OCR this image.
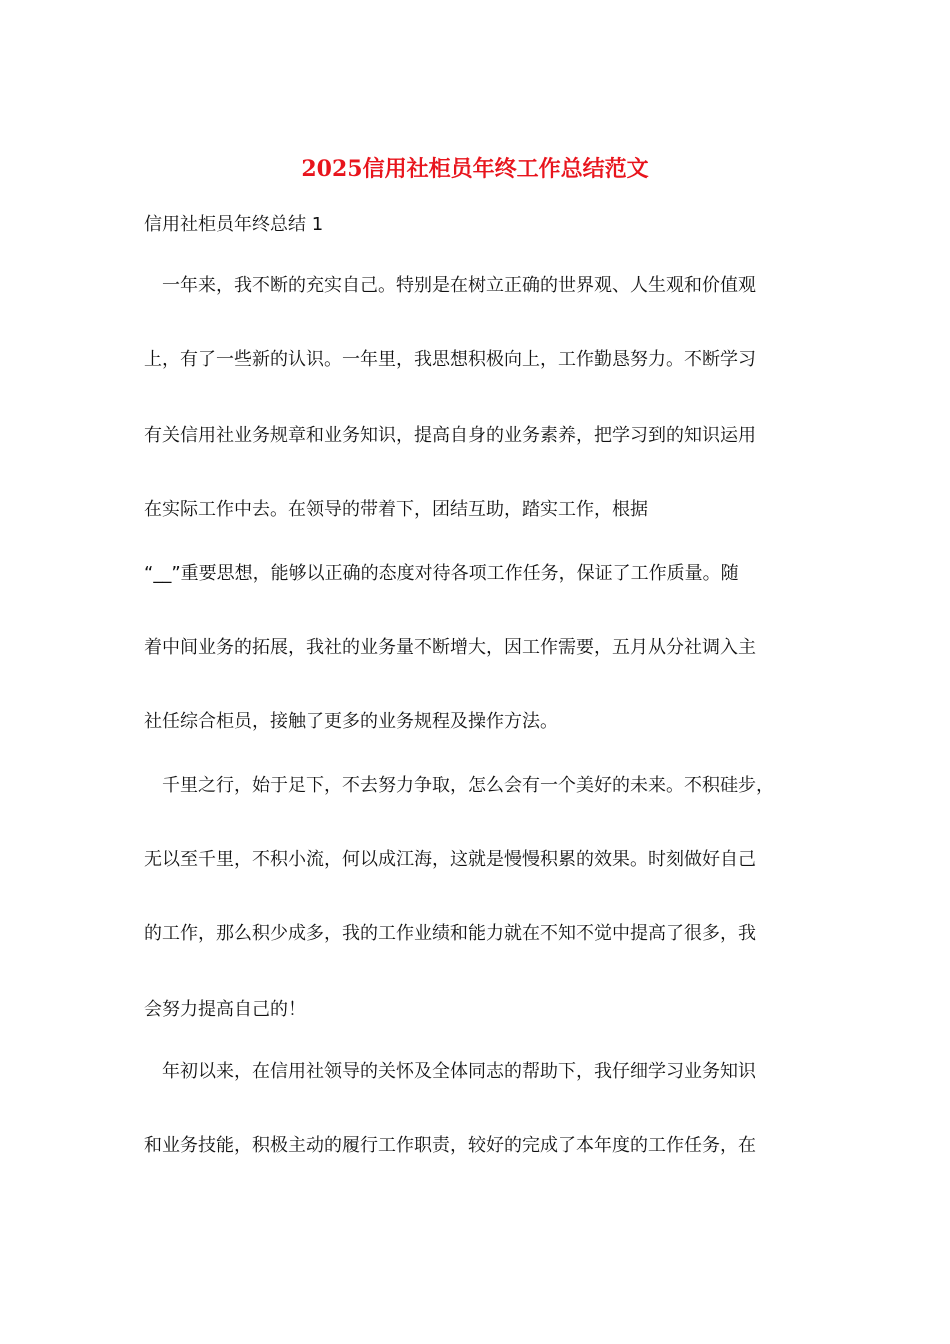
2025信用社柜员年终工作总结范文
信用社柜员年终总结 1
一年来，我不断的充实自己。特别是在树立正确的世界观、人生观和价值观
上，有了一些新的认识。一年里，我思想积极向上，工作勤恳努力。不断学习
有关信用社业务规章和业务知识，提高自身的业务素养，把学习到的知识运用
在实际工作中去。在领导的带着下，团结互助，踏实工作，根据
“__”重要思想，能够以正确的态度对待各项工作任务，保证了工作质量。随
着中间业务的拓展，我社的业务量不断增大，因工作需要，五月从分社调入主
社任综合柜员，接触了更多的业务规程及操作方法。
千里之行，始于足下，不去努力争取，怎么会有一个美好的未来。不积硅步，
无以至千里，不积小流，何以成江海，这就是慢慢积累的效果。时刻做好自己
的工作，那么积少成多，我的工作业绩和能力就在不知不觉中提高了很多，我
会努力提高自己的！
年初以来，在信用社领导的关怀及全体同志的帮助下，我仔细学习业务知识
和业务技能，积极主动的履行工作职责，较好的完成了本年度的工作任务，在
